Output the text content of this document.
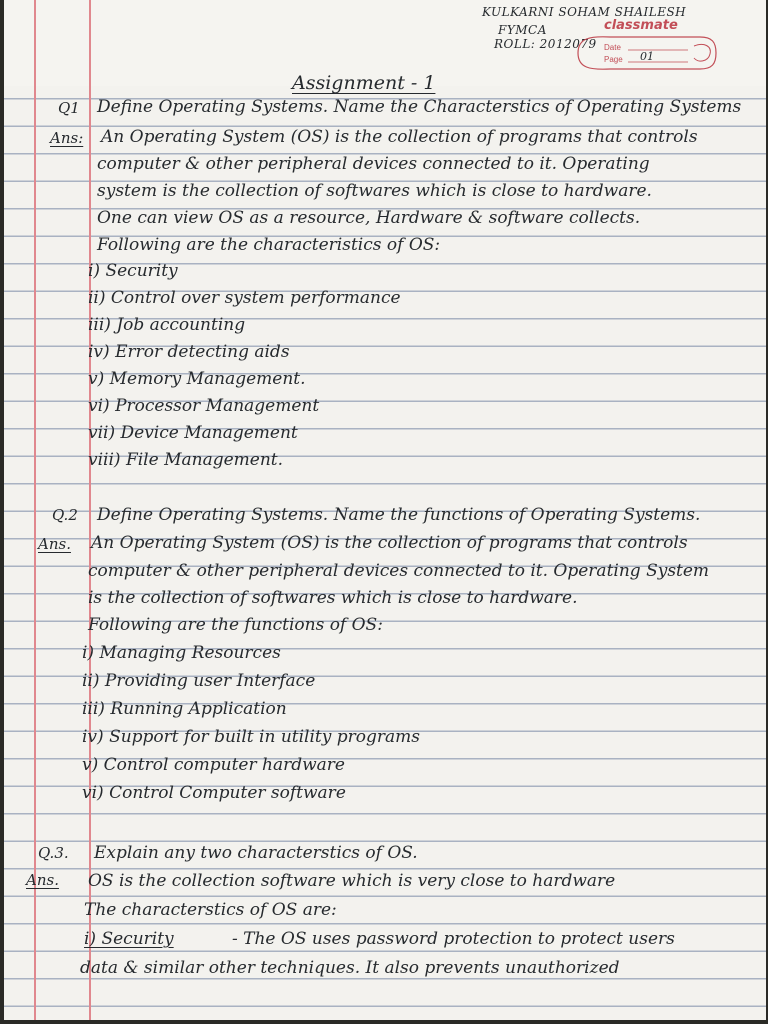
KULKARNI SOHAM SHAILESH
FYMCA
ROLL: 2012079
classmate
Date
Page 01
Assignment - 1
Q1 Define Operating Systems. Name the Characterstics of Operating Systems
Ans: An Operating System (OS) is the collection of programs that controls
computer & other peripheral devices connected to it. Operating
system is the collection of softwares which is close to hardware.
One can view OS as a resource, Hardware & software collects.
Following are the characteristics of OS:
i) Security
ii) Control over system performance
iii) Job accounting
iv) Error detecting aids
v) Memory Management.
vi) Processor Management
vii) Device Management
viii) File Management.
Q.2 Define Operating Systems. Name the functions of Operating Systems.
Ans. An Operating System (OS) is the collection of programs that controls
computer & other peripheral devices connected to it. Operating System
is the collection of softwares which is close to hardware.
Following are the functions of OS:
i) Managing Resources
ii) Providing user Interface
iii) Running Application
iv) Support for built in utility programs
v) Control computer hardware
vi) Control Computer software
Q.3. Explain any two characterstics of OS.
Ans. OS is the collection software which is very close to hardware
The characterstics of OS are:
i) Security	- The OS uses password protection to protect users
data & similar other techniques. It also prevents unauthorized
